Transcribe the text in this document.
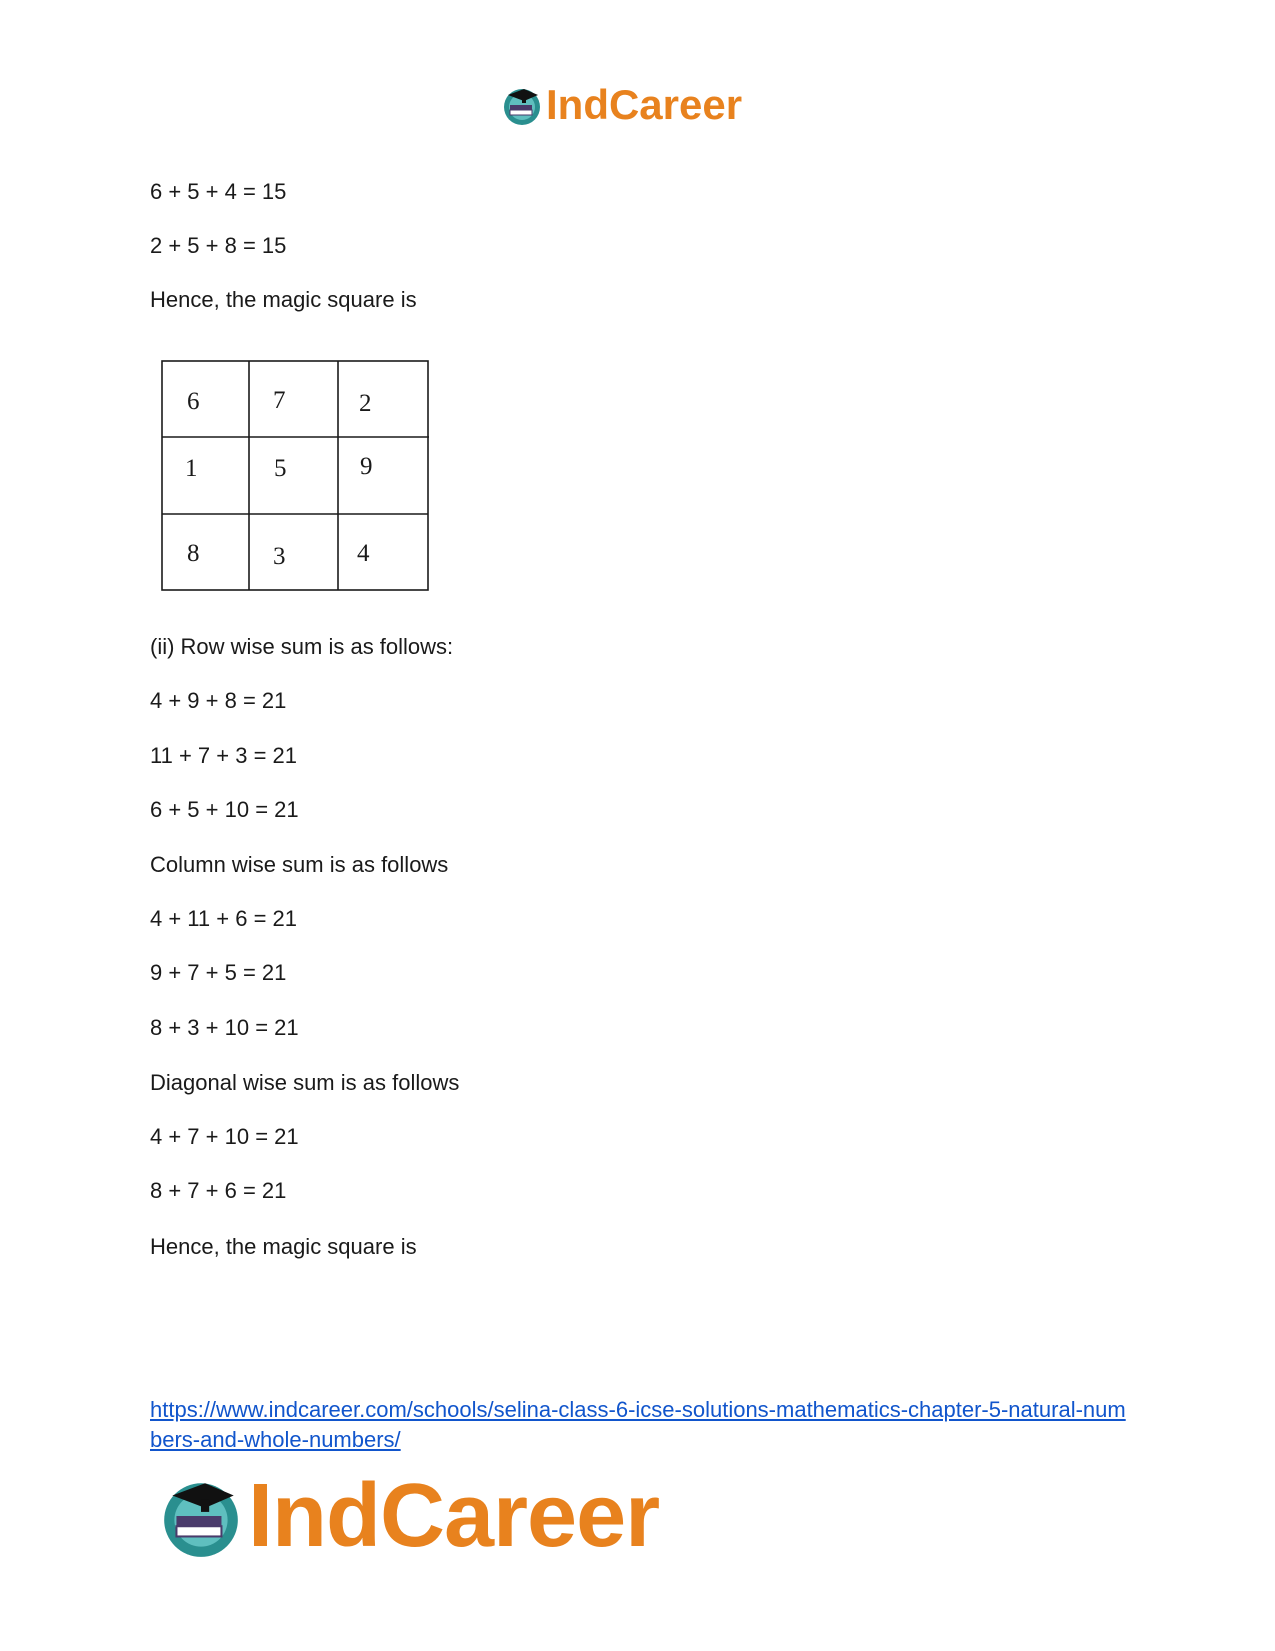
IndCareer
6 + 5 + 4 = 15
2 + 5 + 8 = 15
Hence, the magic square is
6	7	2
1	5	9
8	3	4
(ii) Row wise sum is as follows:
4 + 9 + 8 = 21
11 + 7 + 3 = 21
6 + 5 + 10 = 21
Column wise sum is as follows
4 + 11 + 6 = 21
9 + 7 + 5 = 21
8 + 3 + 10 = 21
Diagonal wise sum is as follows
4 + 7 + 10 = 21
8 + 7 + 6 = 21
Hence, the magic square is
https://www.indcareer.com/schools/selina-class-6-icse-solutions-mathematics-chapter-5-natural-numbers-and-whole-numbers/
IndCareer
